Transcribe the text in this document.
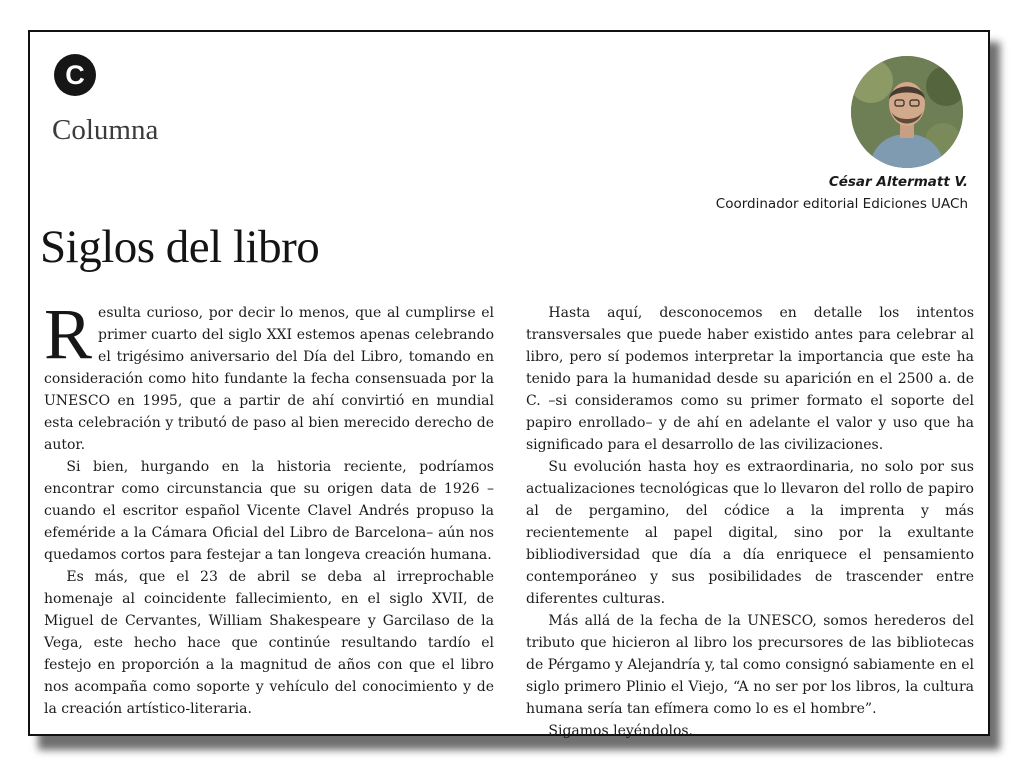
C
Columna
César Altermatt V.
Coordinador editorial Ediciones UACh
Siglos del libro

Resulta curioso, por decir lo menos, que al cumplirse el primer cuarto del siglo XXI estemos apenas celebrando el trigésimo aniversario del Día del Libro, tomando en consideración como hito fundante la fecha consensuada por la UNESCO en 1995, que a partir de ahí convirtió en mundial esta celebración y tributó de paso al bien merecido derecho de autor.

Si bien, hurgando en la historia reciente, podríamos encontrar como circunstancia que su origen data de 1926 –cuando el escritor español Vicente Clavel Andrés propuso la efeméride a la Cámara Oficial del Libro de Barcelona– aún nos quedamos cortos para festejar a tan longeva creación humana.

Es más, que el 23 de abril se deba al irreprochable homenaje al coincidente fallecimiento, en el siglo XVII, de Miguel de Cervantes, William Shakespeare y Garcilaso de la Vega, este hecho hace que continúe resultando tardío el festejo en proporción a la magnitud de años con que el libro nos acompaña como soporte y vehículo del conocimiento y de la creación artístico-literaria.

Hasta aquí, desconocemos en detalle los intentos transversales que puede haber existido antes para celebrar al libro, pero sí podemos interpretar la importancia que este ha tenido para la humanidad desde su aparición en el 2500 a. de C. –si consideramos como su primer formato el soporte del papiro enrollado– y de ahí en adelante el valor y uso que ha significado para el desarrollo de las civilizaciones.

Su evolución hasta hoy es extraordinaria, no solo por sus actualizaciones tecnológicas que lo llevaron del rollo de papiro al de pergamino, del códice a la imprenta y más recientemente al papel digital, sino por la exultante bibliodiversidad que día a día enriquece el pensamiento contemporáneo y sus posibilidades de trascender entre diferentes culturas.

Más allá de la fecha de la UNESCO, somos herederos del tributo que hicieron al libro los precursores de las bibliotecas de Pérgamo y Alejandría y, tal como consignó sabiamente en el siglo primero Plinio el Viejo, “A no ser por los libros, la cultura humana sería tan efímera como lo es el hombre”.

Sigamos leyéndolos.
